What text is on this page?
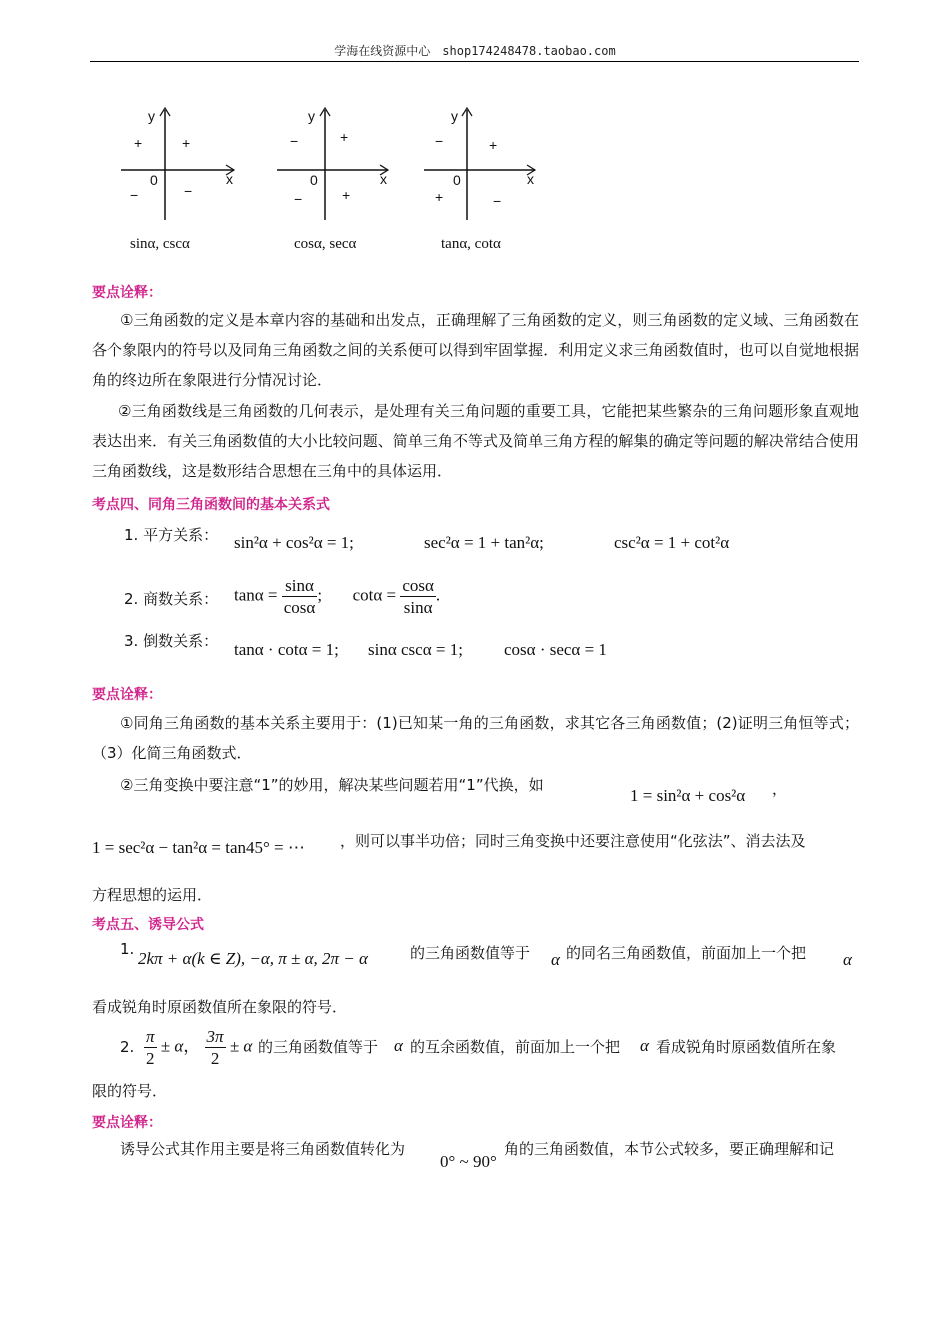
学海在线资源中心　shop174248478.taobao.com
y
x
0
+
+
−	−
sinα, cscα
y
x
0
+
−
−	+
cosα, secα
y
x
0
+
−
+	−
tanα, cotα
要点诠释：
①三角函数的定义是本章内容的基础和出发点，正确理解了三角函数的定义，则三角函数的定义域、三角函数在各个象限内的符号以及同角三角函数之间的关系便可以得到牢固掌握．利用定义求三角函数值时，也可以自觉地根据角的终边所在象限进行分情况讨论．
②三角函数线是三角函数的几何表示，是处理有关三角问题的重要工具，它能把某些繁杂的三角问题形象直观地表达出来．有关三角函数值的大小比较问题、简单三角不等式及简单三角方程的解集的确定等问题的解决常结合使用三角函数线，这是数形结合思想在三角中的具体运用．
考点四、同角三角函数间的基本关系式
1. 平方关系： sin²α + cos²α = 1;	sec²α = 1 + tan²α;	csc²α = 1 + cot²α
2. 商数关系： $\tan\alpha = \frac{\sin\alpha}{\cos\alpha}$ ; $\cot\alpha = \frac{\cos\alpha}{\sin\alpha}$ .
3. 倒数关系： tanα · cotα = 1; sinα cscα = 1; cosα · secα = 1
要点诠释：
①同角三角函数的基本关系主要用于：(1)已知某一角的三角函数，求其它各三角函数值；(2)证明三角恒等式；（3）化简三角函数式．
②三角变换中要注意“1”的妙用，解决某些问题若用“1”代换，如
1 = sin²α + cos²α ，
1 = sec²α − tan²α = tan45° = ⋯ ，则可以事半功倍；同时三角变换中还要注意使用“化弦法”、消去法及
方程思想的运用．
考点五、诱导公式
1. 2kπ + α(k ∈ Z), −α, π ± α, 2π − α	的三角函数值等于 α 的同名三角函数值，前面加上一个把 α
看成锐角时原函数值所在象限的符号．
2. $\frac{\pi}{2} \pm \alpha$， $\frac{3\pi}{2} \pm \alpha$ 的三角函数值等于 α 的互余函数值，前面加上一个把 α 看成锐角时原函数值所在象
限的符号．
要点诠释：
诱导公式其作用主要是将三角函数值转化为
0° ~ 90°
角的三角函数值，本节公式较多，要正确理解和记
